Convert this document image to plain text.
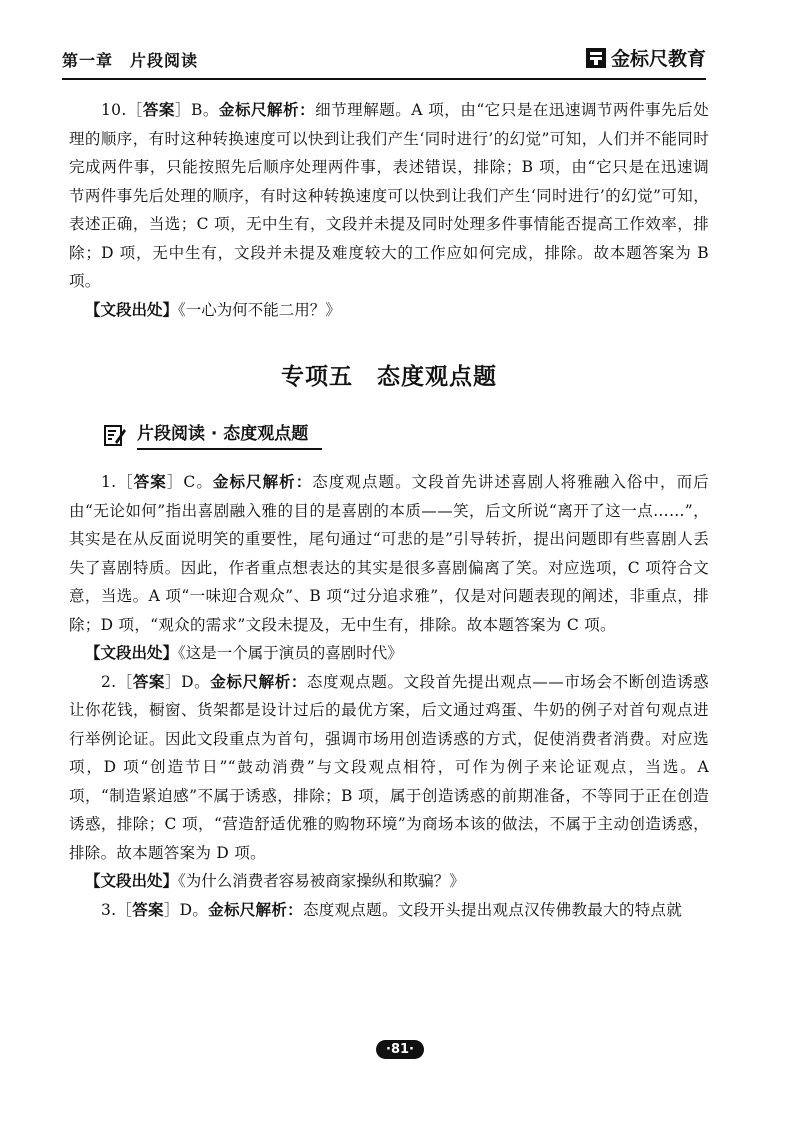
第一章　片段阅读	金标尺教育

10.［答案］B。金标尺解析：细节理解题。A 项，由“它只是在迅速调节两件事先后处理的顺序，有时这种转换速度可以快到让我们产生‘同时进行’的幻觉”可知，人们并不能同时完成两件事，只能按照先后顺序处理两件事，表述错误，排除；B 项，由“它只是在迅速调节两件事先后处理的顺序，有时这种转换速度可以快到让我们产生‘同时进行’的幻觉”可知，表述正确，当选；C 项，无中生有，文段并未提及同时处理多件事情能否提高工作效率，排除；D 项，无中生有，文段并未提及难度较大的工作应如何完成，排除。故本题答案为 B 项。

【文段出处】《一心为何不能二用？》

专项五　态度观点题
片段阅读 · 态度观点题

1.［答案］C。金标尺解析：态度观点题。文段首先讲述喜剧人将雅融入俗中，而后由“无论如何”指出喜剧融入雅的目的是喜剧的本质——笑，后文所说“离开了这一点……”，其实是在从反面说明笑的重要性，尾句通过“可悲的是”引导转折，提出问题即有些喜剧人丢失了喜剧特质。因此，作者重点想表达的其实是很多喜剧偏离了笑。对应选项，C 项符合文意，当选。A 项“一味迎合观众”、B 项“过分追求雅”，仅是对问题表现的阐述，非重点，排除；D 项，“观众的需求”文段未提及，无中生有，排除。故本题答案为 C 项。

【文段出处】《这是一个属于演员的喜剧时代》

2.［答案］D。金标尺解析：态度观点题。文段首先提出观点——市场会不断创造诱惑让你花钱，橱窗、货架都是设计过后的最优方案，后文通过鸡蛋、牛奶的例子对首句观点进行举例论证。因此文段重点为首句，强调市场用创造诱惑的方式，促使消费者消费。对应选项，D 项“创造节日”“鼓动消费”与文段观点相符，可作为例子来论证观点，当选。A 项，“制造紧迫感”不属于诱惑，排除；B 项，属于创造诱惑的前期准备，不等同于正在创造诱惑，排除；C 项，“营造舒适优雅的购物环境”为商场本该的做法，不属于主动创造诱惑，排除。故本题答案为 D 项。

【文段出处】《为什么消费者容易被商家操纵和欺骗？》

3.［答案］D。金标尺解析：态度观点题。文段开头提出观点汉传佛教最大的特点就

·81·
